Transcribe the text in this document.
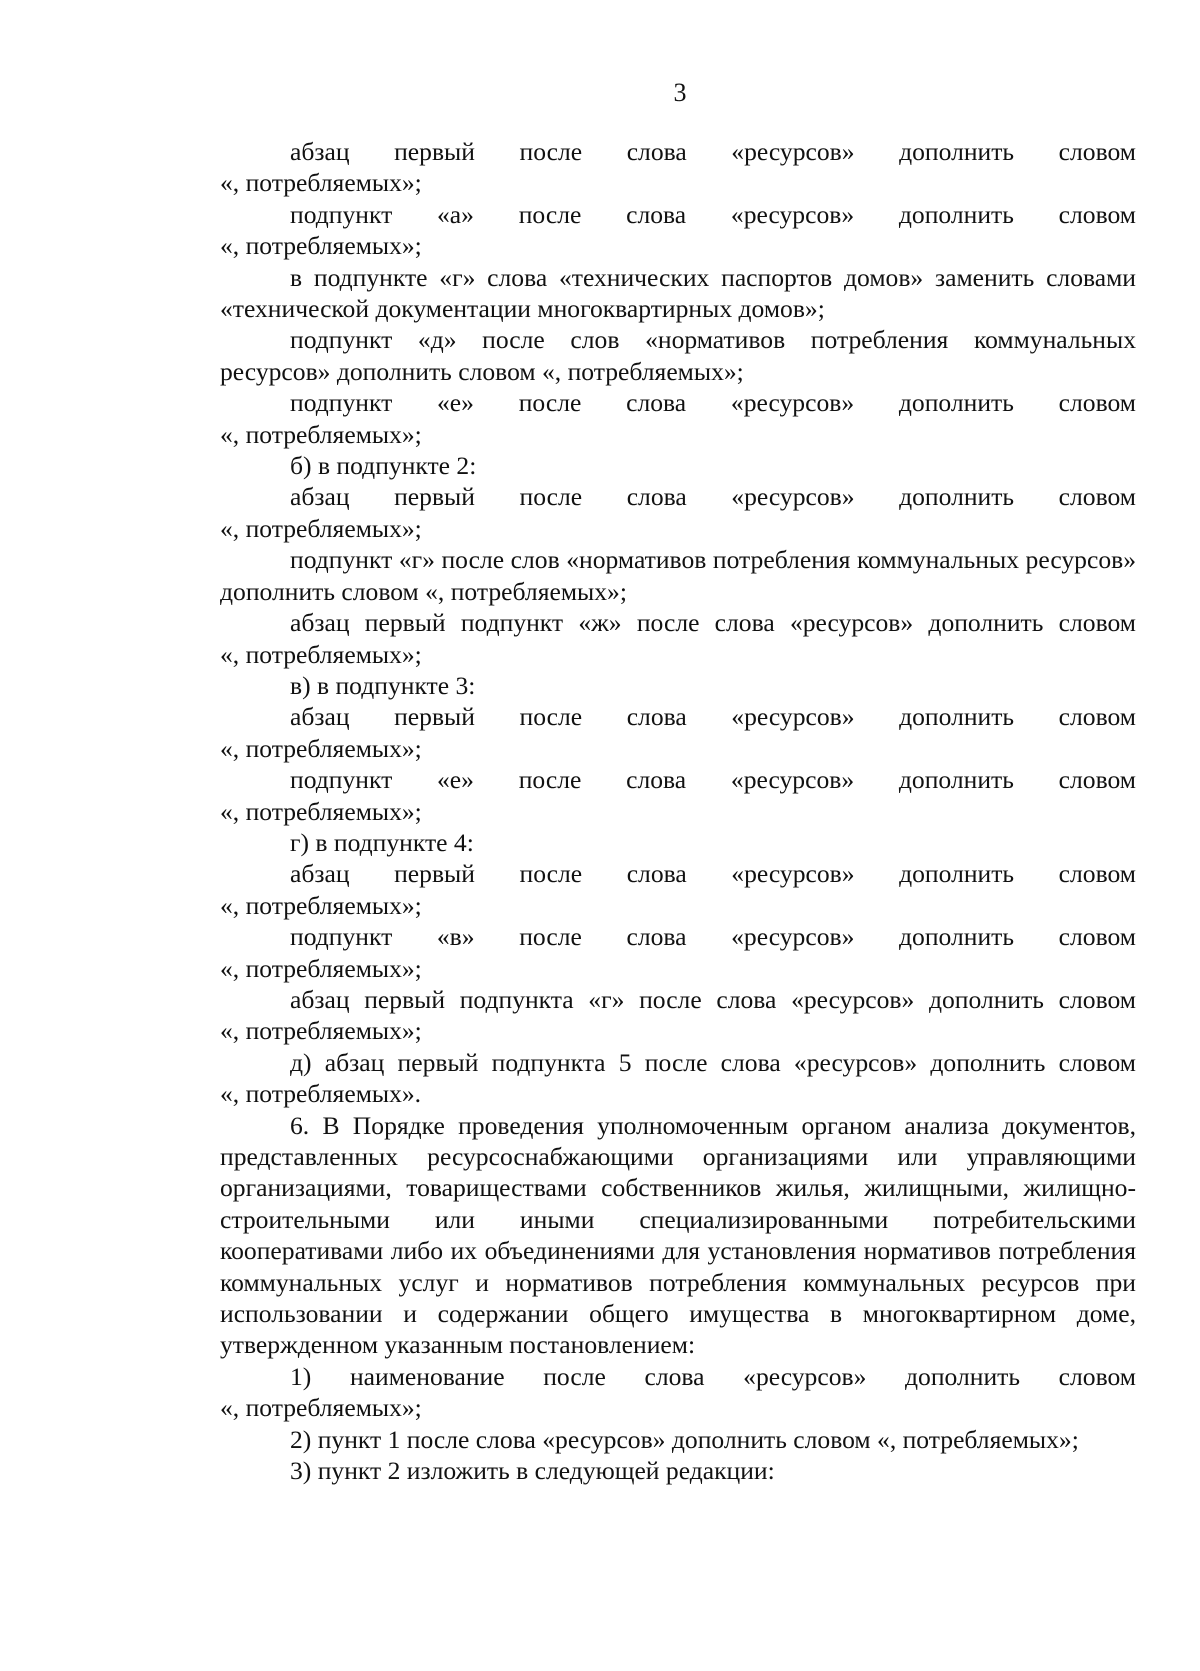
3

абзац первый после слова «ресурсов» дополнить словом

«, потребляемых»;

подпункт «а» после слова «ресурсов» дополнить словом

«, потребляемых»;

в подпункте «г» слова «технических паспортов домов» заменить словами «технической документации многоквартирных домов»;

подпункт «д» после слов «нормативов потребления коммунальных ресурсов» дополнить словом «, потребляемых»;

подпункт «е» после слова «ресурсов» дополнить словом

«, потребляемых»;

б) в подпункте 2:

абзац первый после слова «ресурсов» дополнить словом

«, потребляемых»;

подпункт «г» после слов «нормативов потребления коммунальных ресурсов» дополнить словом «, потребляемых»;

абзац первый подпункт «ж» после слова «ресурсов» дополнить словом

«, потребляемых»;

в) в подпункте 3:

абзац первый после слова «ресурсов» дополнить словом

«, потребляемых»;

подпункт «е» после слова «ресурсов» дополнить словом

«, потребляемых»;

г) в подпункте 4:

абзац первый после слова «ресурсов» дополнить словом

«, потребляемых»;

подпункт «в» после слова «ресурсов» дополнить словом

«, потребляемых»;

абзац первый подпункта «г» после слова «ресурсов» дополнить словом

«, потребляемых»;

д) абзац первый подпункта 5 после слова «ресурсов» дополнить словом

«, потребляемых».

6. В Порядке проведения уполномоченным органом анализа документов, представленных ресурсоснабжающими организациями или управляющими организациями, товариществами собственников жилья, жилищными, жилищно-строительными или иными специализированными потребительскими кооперативами либо их объединениями для установления нормативов потребления коммунальных услуг и нормативов потребления коммунальных ресурсов при использовании и содержании общего имущества в многоквартирном доме, утвержденном указанным постановлением:

1) наименование после слова «ресурсов» дополнить словом

«, потребляемых»;

2) пункт 1 после слова «ресурсов» дополнить словом «, потребляемых»;

3) пункт 2 изложить в следующей редакции:
